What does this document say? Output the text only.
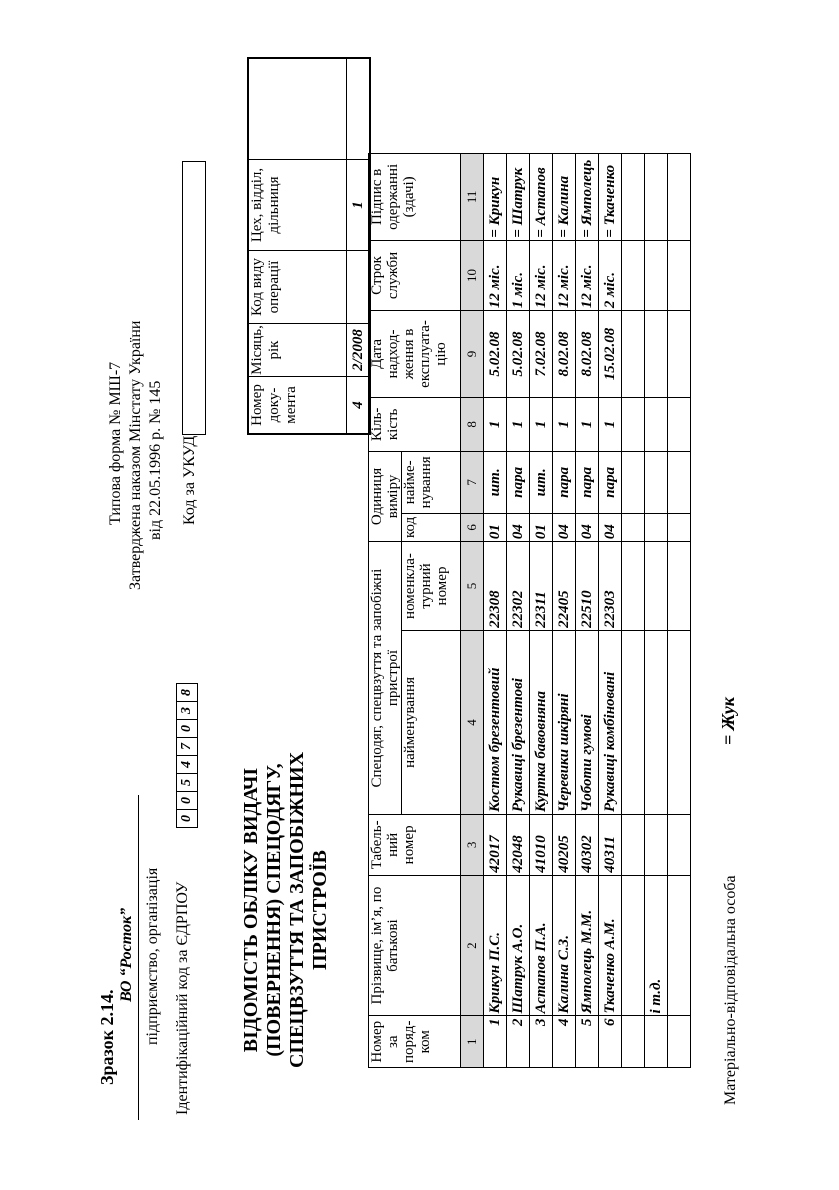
Зразок 2.14.
ВО “Росток” підприємство, організація Ідентифікаційний код за ЄДРПОУ
0
0
5
4
7
0
3
8
Типова форма № МШ-7 Затверджена наказом Мінстату України від 22.05.1996 р. № 145 Код за УКУД
ВІДОМІСТЬ ОБЛІКУ ВИДАЧІ (ПОВЕРНЕННЯ) СПЕЦОДЯГУ, СПЕЦВЗУТТЯ ТА ЗАПОБІЖНИХ ПРИСТРОЇВ
Номер доку-мента	Місяць, рік	Код виду операції	Цех, відділ, дільниця	
4	2/2008		1	
Номер за поряд-ком	Прізвище, ім’я, по батькові	Табель-ний номер	Спецодяг, спецвзуття та запобіжні пристрої		Одиниця виміру		Кіль-кість	Дата надход-ження в експлуата-цію	Строк служби	Підпис в одержанні (здачі)
			найменування	номенкла-турний номер	код	найме-нування				
1	2	3	4	5	6	7	8	9	10	11
1	Крикун П.С.	42017	Костюм брезентовий	22308	01	шт.	1	5.02.08	12 міс.	= Крикун
2	Шатрук А.О.	42048	Рукавиці брезентові	22302	04	пара	1	5.02.08	1 міс.	= Шатрук
3	Астапов П.А.	41010	Куртка бавовняна	22311	01	шт.	1	7.02.08	12 міс.	= Астапов
4	Калина С.З.	40205	Черевики шкіряні	22405	04	пара	1	8.02.08	12 міс.	= Калина
5	Ямполець М.М.	40302	Чоботи гумові	22510	04	пара	1	8.02.08	12 міс.	= Ямполець
6	Ткаченко А.М.	40311	Рукавиці комбіновані	22303	04	пара	1	15.02.08	2 міс.	= Ткаченко

	і т.д.									
											Матеріально-відповідальна особа
= Жук
